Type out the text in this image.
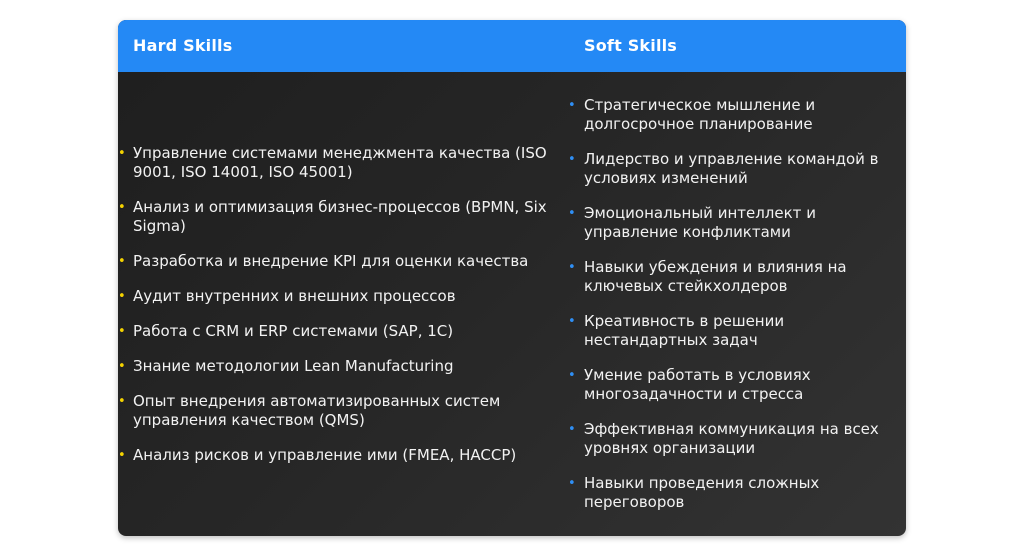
Hard Skills	Soft Skills
• Управление системами менеджмента качества (ISO 9001, ISO 14001, ISO 45001)
• Анализ и оптимизация бизнес-процессов (BPMN, Six Sigma)
• Разработка и внедрение KPI для оценки качества
• Аудит внутренних и внешних процессов
• Работа с CRM и ERP системами (SAP, 1С)
• Знание методологии Lean Manufacturing
• Опыт внедрения автоматизированных систем управления качеством (QMS)
• Анализ рисков и управление ими (FMEA, HACCP)
• Стратегическое мышление и долгосрочное планирование
• Лидерство и управление командой в условиях изменений
• Эмоциональный интеллект и управление конфликтами
• Навыки убеждения и влияния на ключевых стейкхолдеров
• Креативность в решении нестандартных задач
• Умение работать в условиях многозадачности и стресса
• Эффективная коммуникация на всех уровнях организации
• Навыки проведения сложных переговоров
